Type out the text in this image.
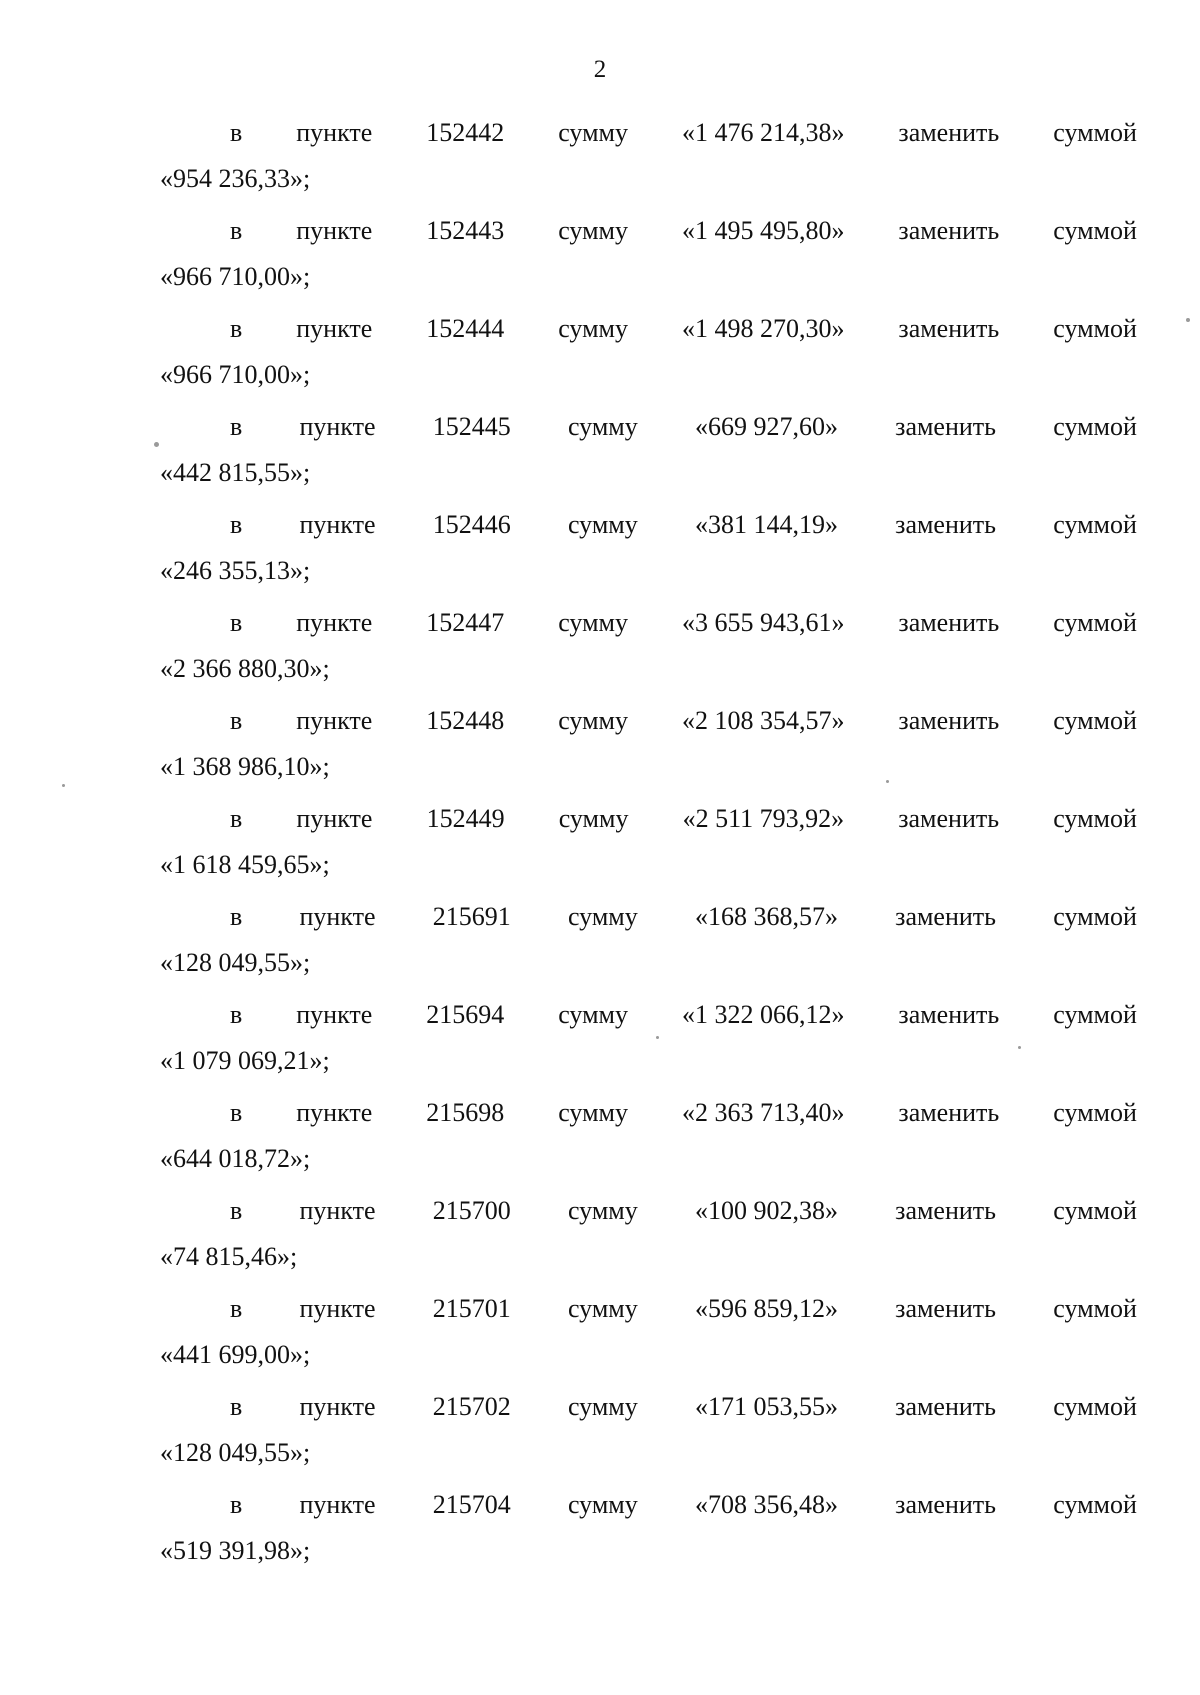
2
в пункте 152442 сумму «1 476 214,38» заменить суммой
«954 236,33»;
в пункте 152443 сумму «1 495 495,80» заменить суммой
«966 710,00»;
в пункте 152444 сумму «1 498 270,30» заменить суммой
«966 710,00»;
в пункте 152445 сумму «669 927,60» заменить суммой
«442 815,55»;
в пункте 152446 сумму «381 144,19» заменить суммой
«246 355,13»;
в пункте 152447 сумму «3 655 943,61» заменить суммой
«2 366 880,30»;
в пункте 152448 сумму «2 108 354,57» заменить суммой
«1 368 986,10»;
в пункте 152449 сумму «2 511 793,92» заменить суммой
«1 618 459,65»;
в пункте 215691 сумму «168 368,57» заменить суммой
«128 049,55»;
в пункте 215694 сумму «1 322 066,12» заменить суммой
«1 079 069,21»;
в пункте 215698 сумму «2 363 713,40» заменить суммой
«644 018,72»;
в пункте 215700 сумму «100 902,38» заменить суммой
«74 815,46»;
в пункте 215701 сумму «596 859,12» заменить суммой
«441 699,00»;
в пункте 215702 сумму «171 053,55» заменить суммой
«128 049,55»;
в пункте 215704 сумму «708 356,48» заменить суммой
«519 391,98»;
